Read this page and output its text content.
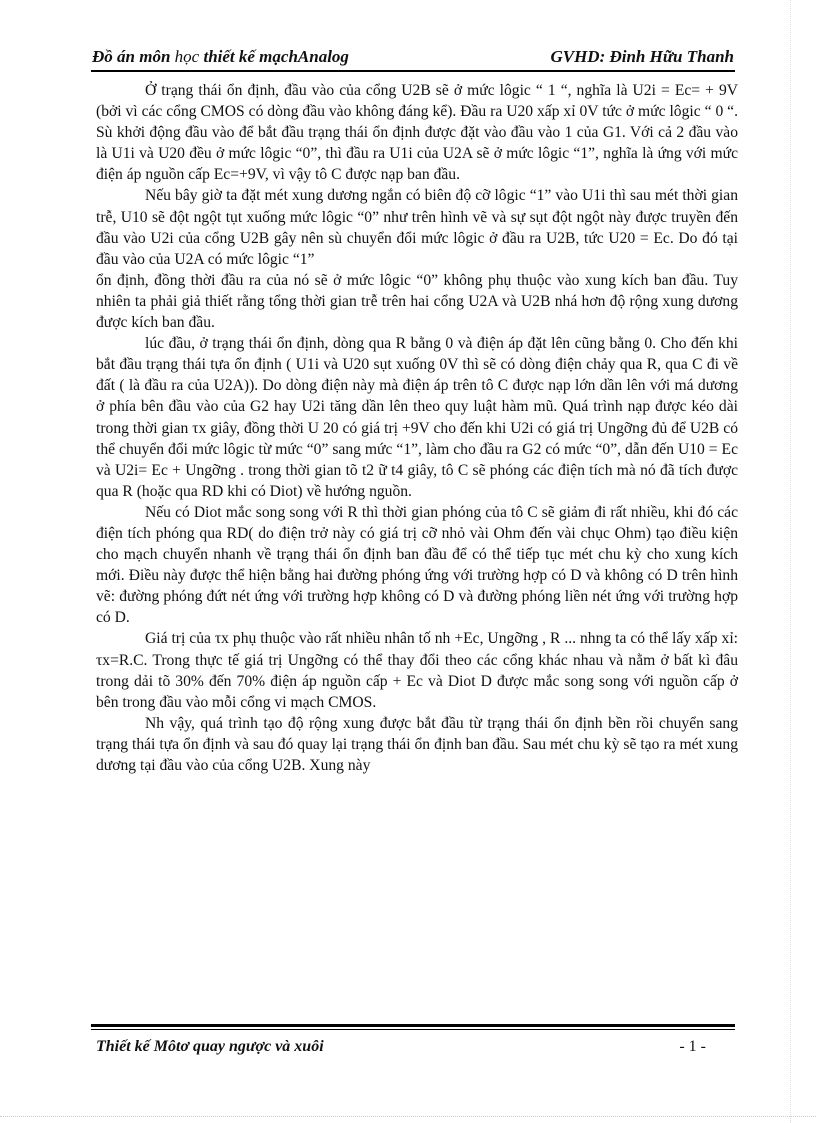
Đồ án môn học thiết kế mạchAnalog	GVHD: Đinh Hữu Thanh

Ở trạng thái ổn định, đầu vào của cổng U2B sẽ ở mức lôgic “ 1 “, nghĩa là U2i = Ec= + 9V (bởi vì các cổng CMOS có dòng đầu vào không đáng kể). Đầu ra U20 xấp xỉ 0V tức ở mức lôgic “ 0 “. Sù khởi động đầu vào để bắt đầu trạng thái ổn định được đặt vào đầu vào 1 của G1. Với cả 2 đầu vào là U1i và U20 đều ở mức lôgic “0”, thì đầu ra U1i của U2A sẽ ở mức lôgic “1”, nghĩa là ứng với mức điện áp nguồn cấp Ec=+9V, vì vậy tô C được nạp ban đầu.

Nếu bây giờ ta đặt mét xung dương ngắn có biên độ cỡ lôgic “1” vào U1i thì sau mét thời gian trễ, U10 sẽ đột ngột tụt xuống mức lôgic “0” như trên hình vẽ và sự sụt đột ngột này được truyền đến đầu vào U2i của cổng U2B gây nên sù chuyển đổi mức lôgic ở đầu ra U2B, tức U20 = Ec. Do đó tại đầu vào của U2A có mức lôgic “1”

ổn định, đồng thời đầu ra của nó sẽ ở mức lôgic “0” không phụ thuộc vào xung kích ban đầu. Tuy nhiên ta phải giả thiết rằng tổng thời gian trễ trên hai cổng U2A và U2B nhá hơn độ rộng xung dương được kích ban đầu.

lúc đầu, ở trạng thái ổn định, dòng qua R bằng 0 và điện áp đặt lên cũng bằng 0. Cho đến khi bắt đầu trạng thái tựa ổn định ( U1i và U20 sụt xuống 0V thì sẽ có dòng điện chảy qua R, qua C đi về đất ( là đầu ra của U2A)). Do dòng điện này mà điện áp trên tô C được nạp lớn dần lên với má dương ở phía bên đầu vào của G2 hay U2i tăng dần lên theo quy luật hàm mũ. Quá trình nạp được kéo dài trong thời gian τx giây, đồng thời U 20 có giá trị +9V cho đến khi U2i có giá trị Ungỡng đủ để U2B có thể chuyển đổi mức lôgic từ mức “0” sang mức “1”, làm cho đầu ra G2 có mức “0”, dẫn đến U10 = Ec và U2i= Ec + Ungỡng . trong thời gian tõ t2 ữ t4 giây, tô C sẽ phóng các điện tích mà nó đã tích được qua R (hoặc qua RD khi có Diot) về hướng nguồn.

Nếu có Diot mắc song song với R thì thời gian phóng của tô C sẽ giảm đi rất nhiều, khi đó các điện tích phóng qua RD( do điện trở này có giá trị cỡ nhỏ vài Ohm đến vài chục Ohm) tạo điều kiện cho mạch chuyển nhanh về trạng thái ổn định ban đầu để có thể tiếp tục mét chu kỳ cho xung kích mới. Điều này được thể hiện bằng hai đường phóng ứng với trường hợp có D và không có D trên hình vẽ: đường phóng đứt nét ứng với trường hợp không có D và đường phóng liền nét ứng với trường hợp có D.

Giá trị của τx phụ thuộc vào rất nhiều nhân tố nh +Ec, Ungỡng , R ... nhng ta có thể lấy xấp xỉ: τx=R.C. Trong thực tế giá trị Ungỡng có thể thay đổi theo các cổng khác nhau và nằm ở bất kì đâu trong dải tõ 30% đến 70% điện áp nguồn cấp + Ec và Diot D được mắc song song với nguồn cấp ở bên trong đầu vào mỗi cổng vi mạch CMOS.

Nh vậy, quá trình tạo độ rộng xung được bắt đầu từ trạng thái ổn định bền rồi chuyển sang trạng thái tựa ổn định và sau đó quay lại trạng thái ổn định ban đầu. Sau mét chu kỳ sẽ tạo ra mét xung dương tại đầu vào của cổng U2B. Xung này

Thiết kế Môtơ quay ngược và xuôi	- 1 -
